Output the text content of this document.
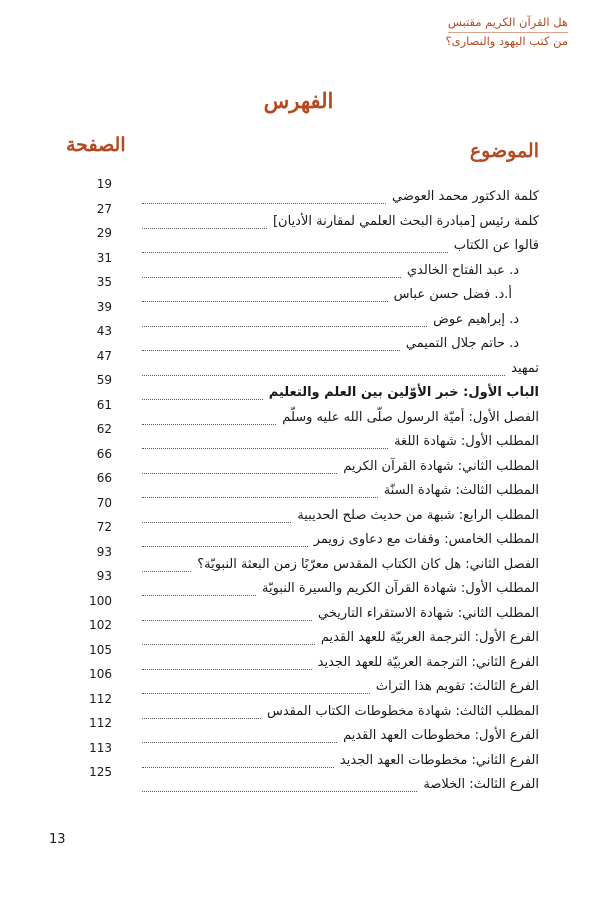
هل القرآن الكريم مقتبس
من كتب اليهود والنصارى؟
الفهرس
الموضوع
الصفحة
كلمة الدكتور محمد العوضي
19
كلمة رئيس [مبادرة البحث العلمي لمقارنة الأديان]
27
قالوا عن الكتاب
29
د. عبد الفتاح الخالدي
31
أ.د. فضل حسن عباس
35
د. إبراهيم عوض
39
د. حاتم جلال التميمي
43
تمهيد
47
الباب الأول: خبر الأوّلين بين العلم والتعليم
59
الفصل الأول: أميّة الرسول صلّى الله عليه وسلّم
61
المطلب الأول: شهادة اللغة
62
المطلب الثاني: شهادة القرآن الكريم
66
المطلب الثالث: شهادة السنّة
66
المطلب الرابع: شبهة من حديث صلح الحديبية
70
المطلب الخامس: وقفات مع دعاوى زويمر
72
الفصل الثاني: هل كان الكتاب المقدس معرّبًا زمن البعثة النبويّة؟
93
المطلب الأول: شهادة القرآن الكريم والسيرة النبويّة
93
المطلب الثاني: شهادة الاستقراء التاريخي
100
الفرع الأول: الترجمة العربيّة للعهد القديم
102
الفرع الثاني: الترجمة العربيّة للعهد الجديد
105
الفرع الثالث: تقويم هذا التراث
106
المطلب الثالث: شهادة مخطوطات الكتاب المقدس
112
الفرع الأول: مخطوطات العهد القديم
112
الفرع الثاني: مخطوطات العهد الجديد
113
الفرع الثالث: الخلاصة
125
13
